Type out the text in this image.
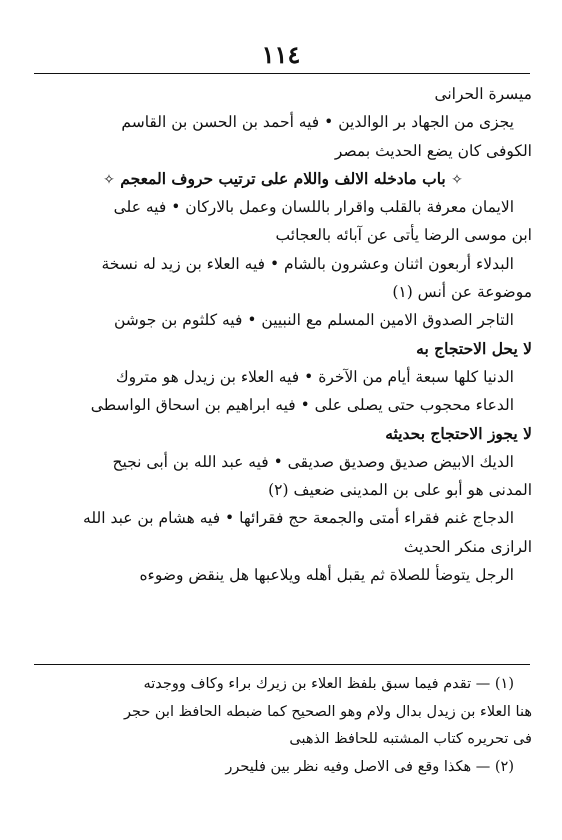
١١٤
ميسرة الحرانى
يجزى من الجهاد بر الوالدين • فيه أحمد بن الحسن بن القاسم
الكوفى كان يضع الحديث بمصر
✧ باب مادخله الالف واللام على ترتيب حروف المعجم ✧
الايمان معرفة بالقلب واقرار باللسان وعمل بالاركان • فيه على
ابن موسى الرضا يأتى عن آبائه بالعجائب
البدلاء أربعون اثنان وعشرون بالشام • فيه العلاء بن زيد له نسخة
موضوعة عن أنس (١)
التاجر الصدوق الامين المسلم مع النبيين • فيه كلثوم بن جوشن
لا يحل الاحتجاج به
الدنيا كلها سبعة أيام من الآخرة • فيه العلاء بن زيدل هو متروك
الدعاء محجوب حتى يصلى على • فيه ابراهيم بن اسحاق الواسطى
لا يجوز الاحتجاج بحديثه
الديك الابيض صديق وصديق صديقى • فيه عبد الله بن أبى نجيح
المدنى هو أبو على بن المدينى ضعيف (٢)
الدجاج غنم فقراء أمتى والجمعة حج فقرائها • فيه هشام بن عبد الله
الرازى منكر الحديث
الرجل يتوضأ للصلاة ثم يقبل أهله ويلاعبها هل ينقض وضوءه
(١) — تقدم فيما سبق بلفظ العلاء بن زيرك براء وكاف ووجدته
هنا العلاء بن زيدل بدال ولام وهو الصحيح كما ضبطه الحافظ ابن حجر
فى تحريره كتاب المشتبه للحافظ الذهبى
(٢) — هكذا وقع فى الاصل وفيه نظر بين فليحرر
